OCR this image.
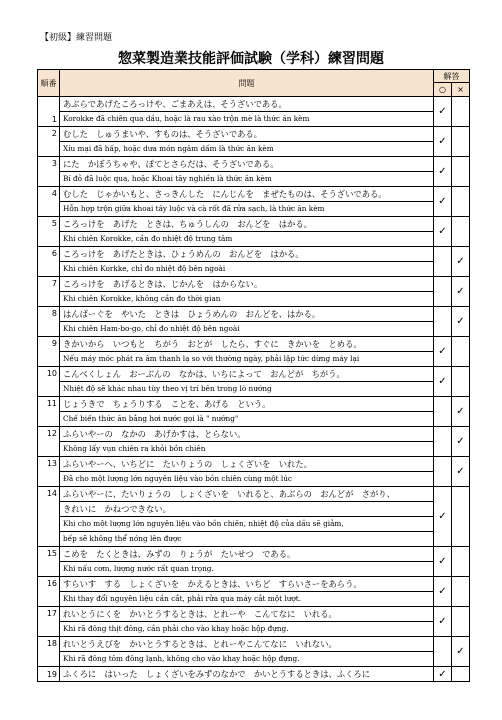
【初級】練習問題
惣菜製造業技能評価試験（学科）練習問題
順番	問題	解答	
		○	×
1	あぶらであげたころっけや、ごまあえは、そうざいである。	✓	
	Korokke đã chiên qua dầu, hoặc là rau xào trộn mè là thức ăn kèm		
2	むした　しゅうまいや、すものは、そうざいである。	✓	
	Xíu mại đã hấp, hoặc dưa món ngâm dấm là thức ăn kèm		
3	にた　かぼうちゃや、ぽてとさらだは、そうざいである。	✓	
	Bí đỏ đã luộc qua, hoặc Khoai tây nghiền là thức ăn kèm		
4	むした　じゃかいもと、さっきんした　にんじんを　まぜたものは、そうざいである。	✓	
	Hỗn hợp trộn giữa khoai tây luộc và cà rốt đã rửa sạch, là thức ăn kèm		
5	ころっけを　あげた　ときは、ちゅうしんの　おんどを　はかる。	✓	
	Khi chiên Korokke, cần đo nhiệt độ trung tâm		
6	ころっけを　あげたときは、ひょうめんの　おんどを　はかる。		✓
	Khi chiên Korkke, chỉ đo nhiệt độ bên ngoài		
7	ころっけを　あげるときは、じかんを　はからない。		✓
	Khi chiên Korokke, không cần đo thời gian		
8	はんばーぐを　やいた　ときは　ひょうめんの　おんどを、はかる。		✓
	Khi chiên Ham-bo-go, chỉ đo nhiệt độ bên ngoài		
9	きかいから　いつもと　ちがう　おとが　したら、すぐに　きかいを　とめる。	✓	
	Nếu máy móc phát ra âm thanh lạ so với thường ngày, phải lập tức dừng máy lại		
10	こんべくしょん　おーぶんの　なかは、いちによって　おんどが　ちがう。	✓	
	Nhiệt độ sẽ khác nhau tùy theo vị trí bên trong lò nướng		
11	じょうきで　ちょうりする　ことを、あげる　という。		✓
	Chế biến thức ăn bằng hơi nước gọi là " nướng"		
12	ふらいやーの　なかの　あげかすは、とらない。		✓
	Không lấy vụn chiên ra khỏi bồn chiên		
13	ふらいやーへ、いちどに　たいりょうの　しょくざいを　いれた。		✓
	Đã cho một lượng lớn nguyên liệu vào bồn chiên cùng một lúc		
14	ふらいやーに、たいりょうの　しょくざいを　いれると、あぶらの　おんどが　さがり、	✓	
	きれいに　かねつできない。		
	Khi cho một lượng lớn nguyên liệu vào bồn chiên, nhiệt độ của dầu sẽ giảm,		
	bếp sẽ không thể nóng lên được		
15	こめを　たくときは、みずの　りょうが　たいせつ　である。	✓	
	Khi nấu cơm, lượng nước rất quan trọng.		
16	すらいす　する　しょくざいを　かえるときは、いちど　すらいさーをあらう。	✓	
	Khi thay đổi nguyên liệu cần cắt, phải rửa qua máy cắt một lượt.		
17	れいとうにくを　かいとうするときは、とれーや　こんてなに　いれる。	✓	
	Khi rã đông thịt đông, cần phải cho vào khay hoặc hộp đựng.		
18	れいとうえびを　かいとうするときは、とれーやこんてなに　いれない。		✓
	Khi rã đông tôm đông lạnh, không cho vào khay hoặc hộp đựng.		
19	ふくろに　はいった　しょくざいをみずのなかで　かいとうするときは、ふくろに	✓	
